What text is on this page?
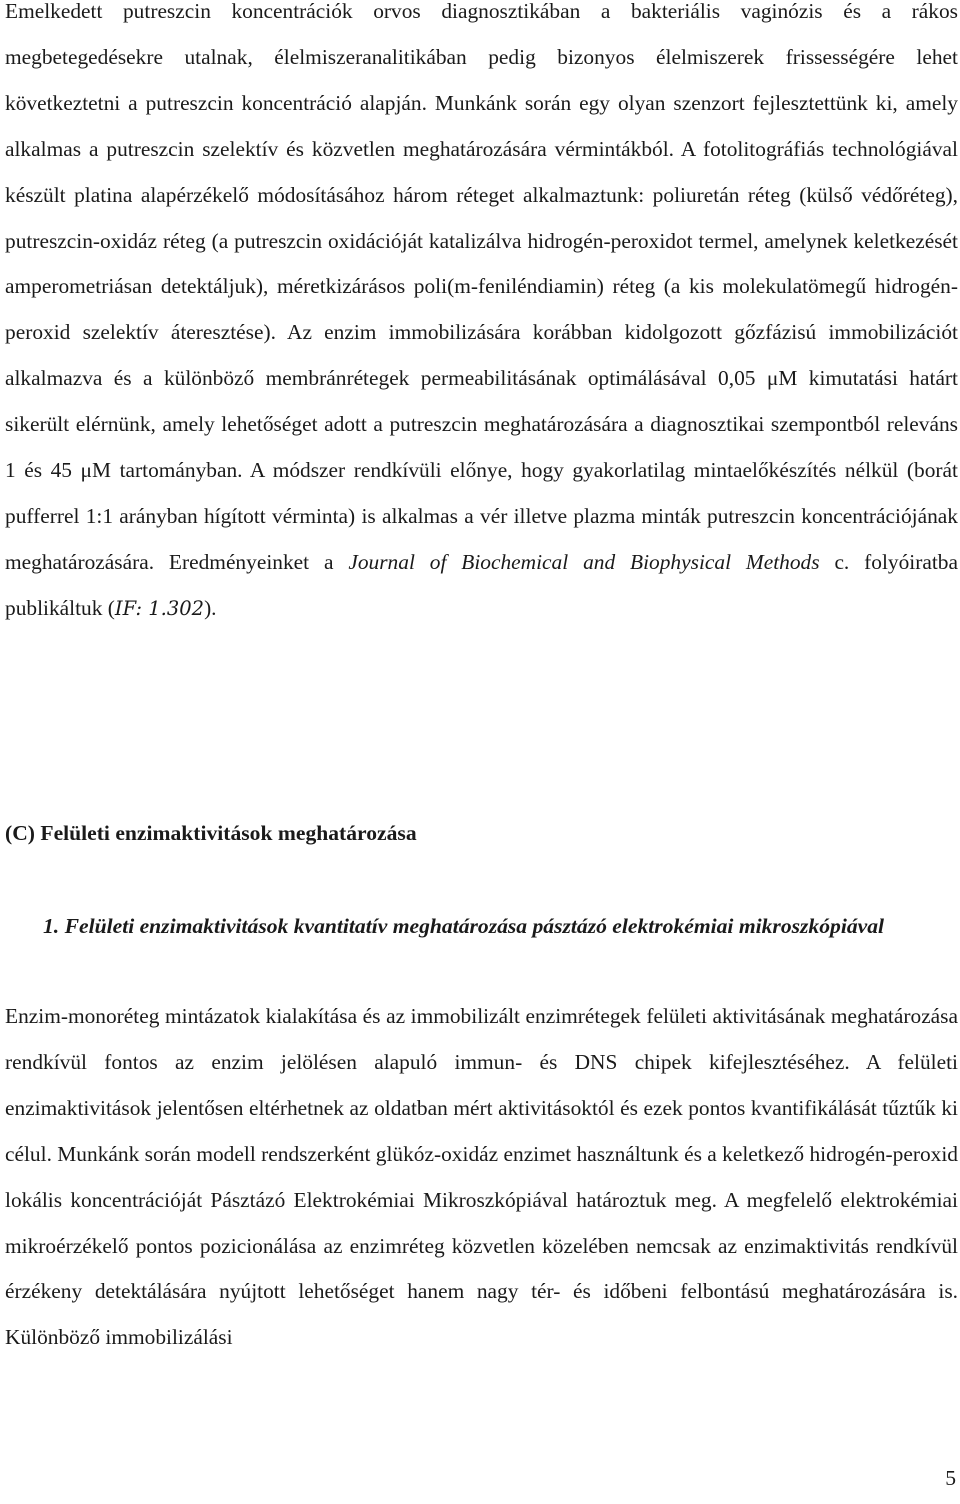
Emelkedett putreszcin koncentrációk orvos diagnosztikában a bakteriális vaginózis és a rákos megbetegedésekre utalnak, élelmiszeranalitikában pedig bizonyos élelmiszerek frissességére lehet következtetni a putreszcin koncentráció alapján. Munkánk során egy olyan szenzort fejlesztettünk ki, amely alkalmas a putreszcin szelektív és közvetlen meghatározására vérmintákból. A fotolitográfiás technológiával készült platina alapérzékelő módosításához három réteget alkalmaztunk: poliuretán réteg (külső védőréteg), putreszcin-oxidáz réteg (a putreszcin oxidációját katalizálva hidrogén-peroxidot termel, amelynek keletkezését amperometriásan detektáljuk), méretkizárásos poli(m-feniléndiamin) réteg (a kis molekulatömegű hidrogén-peroxid szelektív áteresztése). Az enzim immobilizására korábban kidolgozott gőzfázisú immobilizációt alkalmazva és a különböző membránrétegek permeabilitásának optimálásával 0,05 μM kimutatási határt sikerült elérnünk, amely lehetőséget adott a putreszcin meghatározására a diagnosztikai szempontból releváns 1 és 45 μM tartományban. A módszer rendkívüli előnye, hogy gyakorlatilag mintaelőkészítés nélkül (borát pufferrel 1:1 arányban hígított vérminta) is alkalmas a vér illetve plazma minták putreszcin koncentrációjának meghatározására. Eredményeinket a Journal of Biochemical and Biophysical Methods c. folyóiratba publikáltuk (IF: 1.302).

(C) Felületi enzimaktivitások meghatározása
1. Felületi enzimaktivitások kvantitatív meghatározása pásztázó elektrokémiai mikroszkópiával

Enzim-monoréteg mintázatok kialakítása és az immobilizált enzimrétegek felületi aktivitásának meghatározása rendkívül fontos az enzim jelölésen alapuló immun- és DNS chipek kifejlesztéséhez. A felületi enzimaktivitások jelentősen eltérhetnek az oldatban mért aktivitásoktól és ezek pontos kvantifikálását tűztűk ki célul. Munkánk során modell rendszerként glükóz-oxidáz enzimet használtunk és a keletkező hidrogén-peroxid lokális koncentrációját Pásztázó Elektrokémiai Mikroszkópiával határoztuk meg. A megfelelő elektrokémiai mikroérzékelő pontos pozicionálása az enzimréteg közvetlen közelében nemcsak az enzimaktivitás rendkívül érzékeny detektálására nyújtott lehetőséget hanem nagy tér- és időbeni felbontású meghatározására is. Különböző immobilizálási

5
